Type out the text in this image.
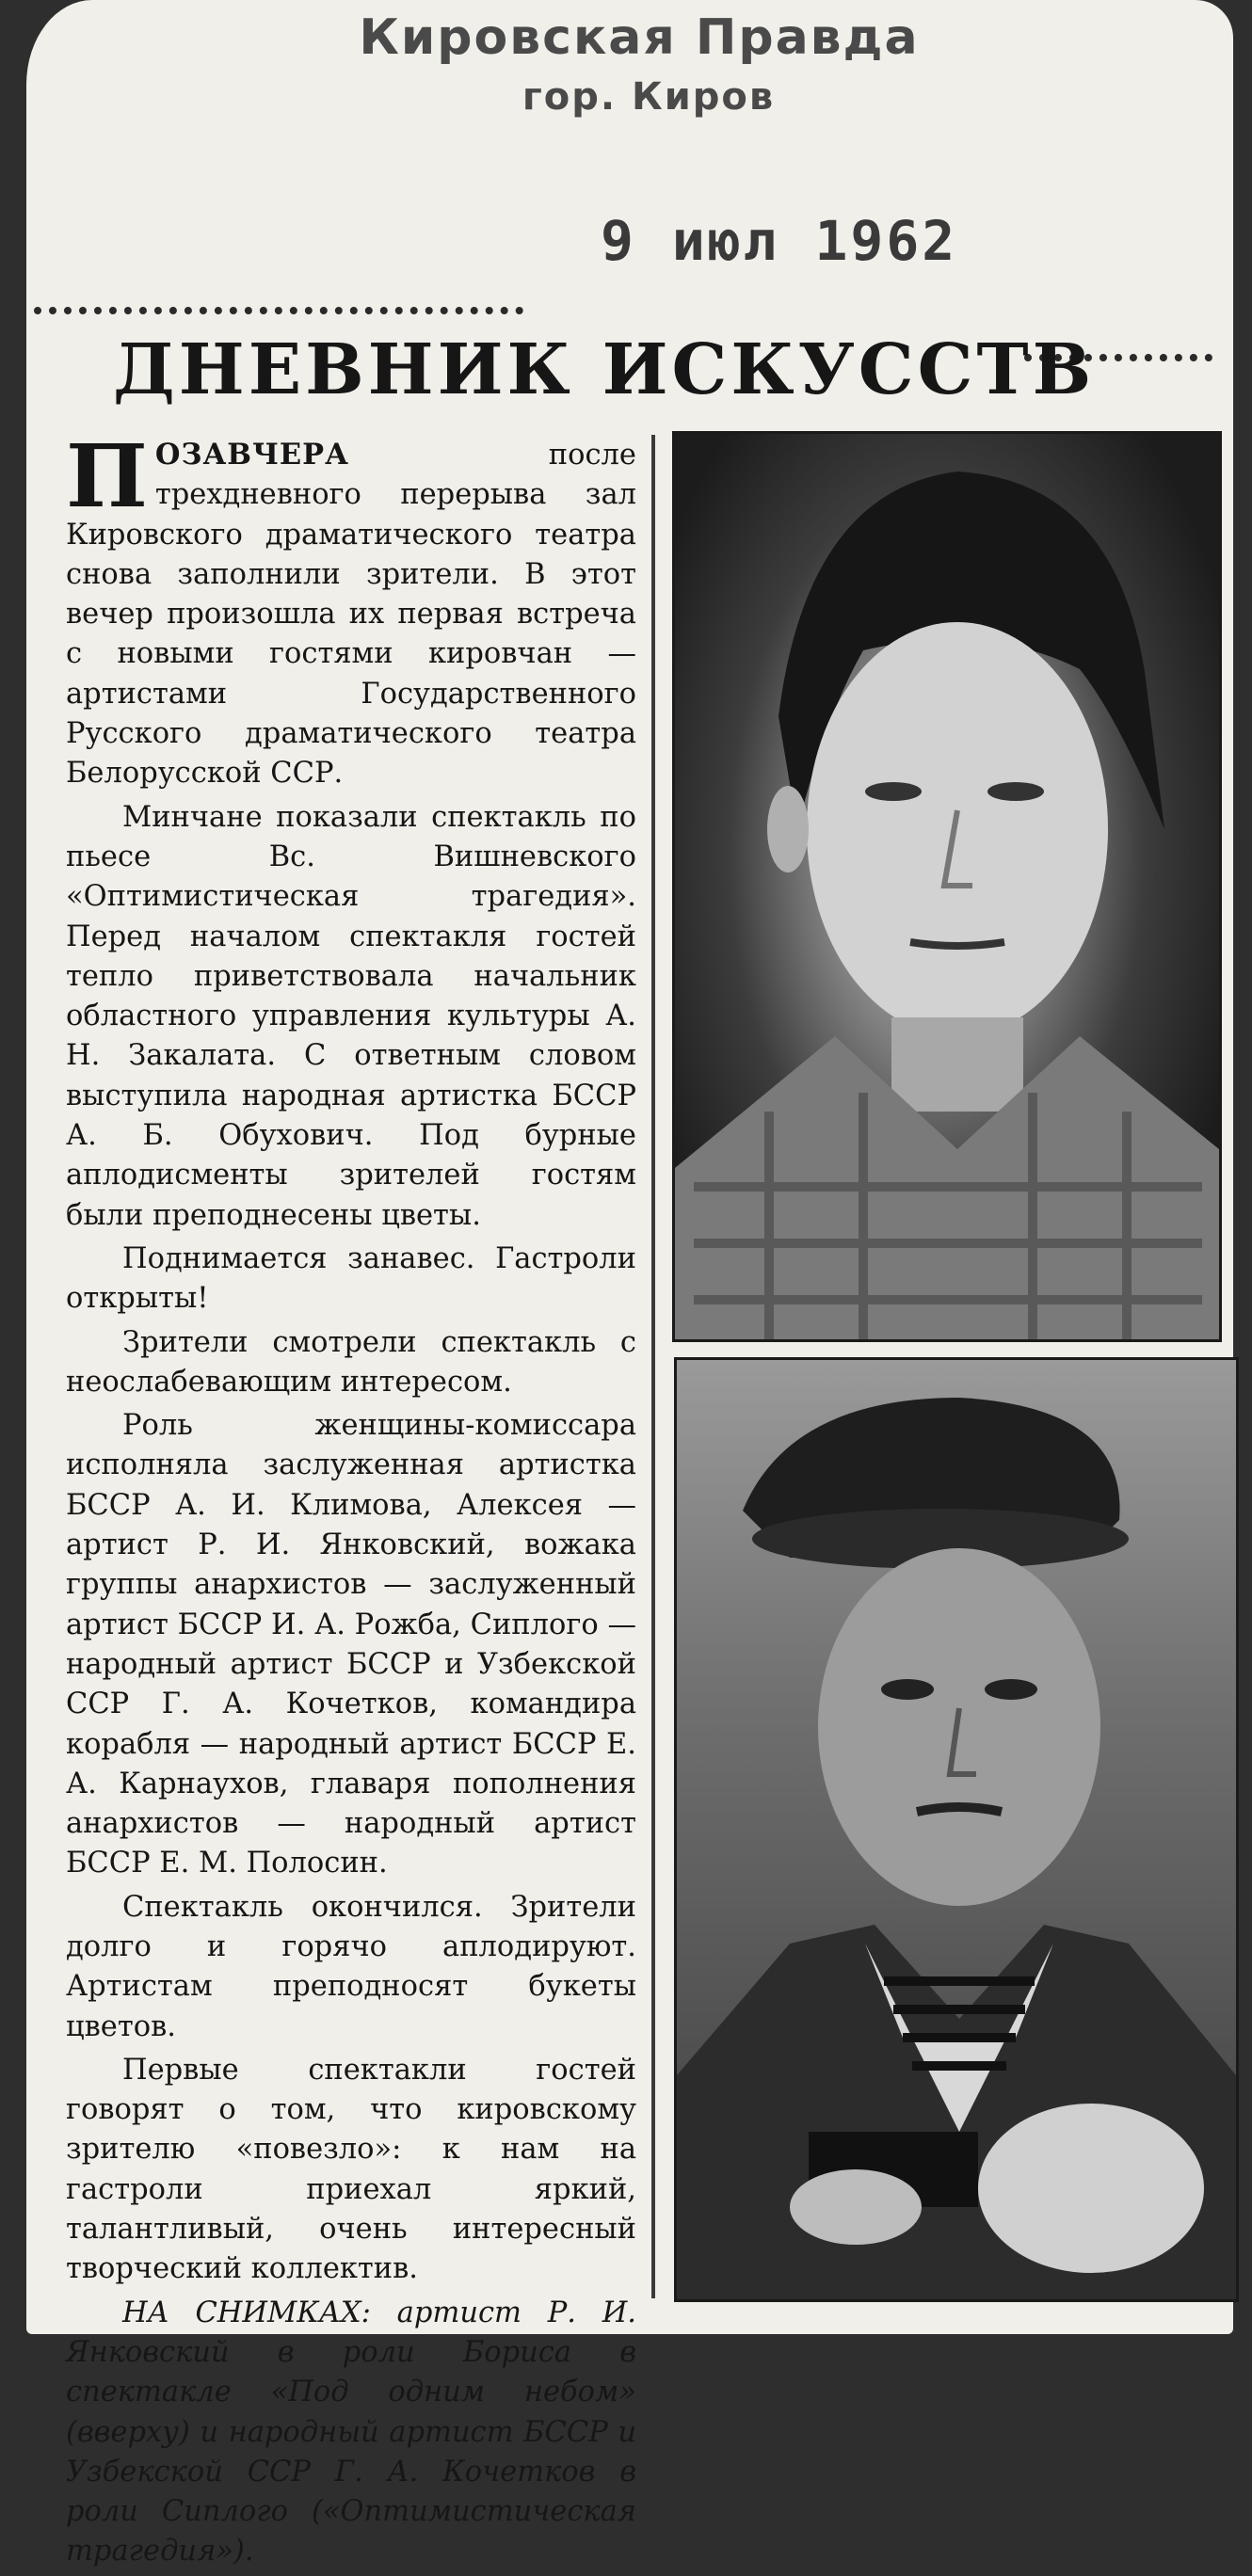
Кировская Правда
гор. Киров
9 июл 1962
ДНЕВНИК ИСКУССТВ

ПОЗАВЧЕРА после трехдневного перерыва зал Кировского драматического театра снова заполнили зрители. В этот вечер произошла их первая встреча с новыми гостями кировчан — артистами Государственного Русского драматического театра Белорусской ССР.

Минчане показали спектакль по пьесе Вс. Вишневского «Оптимистическая трагедия». Перед началом спектакля гостей тепло приветствовала начальник областного управления культуры А. Н. Закалата. С ответным словом выступила народная артистка БССР А. Б. Обухович. Под бурные аплодисменты зрителей гостям были преподнесены цветы.

Поднимается занавес. Гастроли открыты!

Зрители смотрели спектакль с неослабевающим интересом.

Роль женщины-комиссара исполняла заслуженная артистка БССР А. И. Климова, Алексея — артист Р. И. Янковский, вожака группы анархистов — заслуженный артист БССР И. А. Рожба, Сиплого — народный артист БССР и Узбекской ССР Г. А. Кочетков, командира корабля — народный артист БССР Е. А. Карнаухов, главаря пополнения анархистов — народный артист БССР Е. М. Полосин.

Спектакль окончился. Зрители долго и горячо аплодируют. Артистам преподносят букеты цветов.

Первые спектакли гостей говорят о том, что кировскому зрителю «повезло»: к нам на гастроли приехал яркий, талантливый, очень интересный творческий коллектив.

НА СНИМКАХ: артист Р. И. Янковский в роли Бориса в спектакле «Под одним небом» (вверху) и народный артист БССР и Узбекской ССР Г. А. Кочетков в роли Сиплого («Оптимистическая трагедия»).
